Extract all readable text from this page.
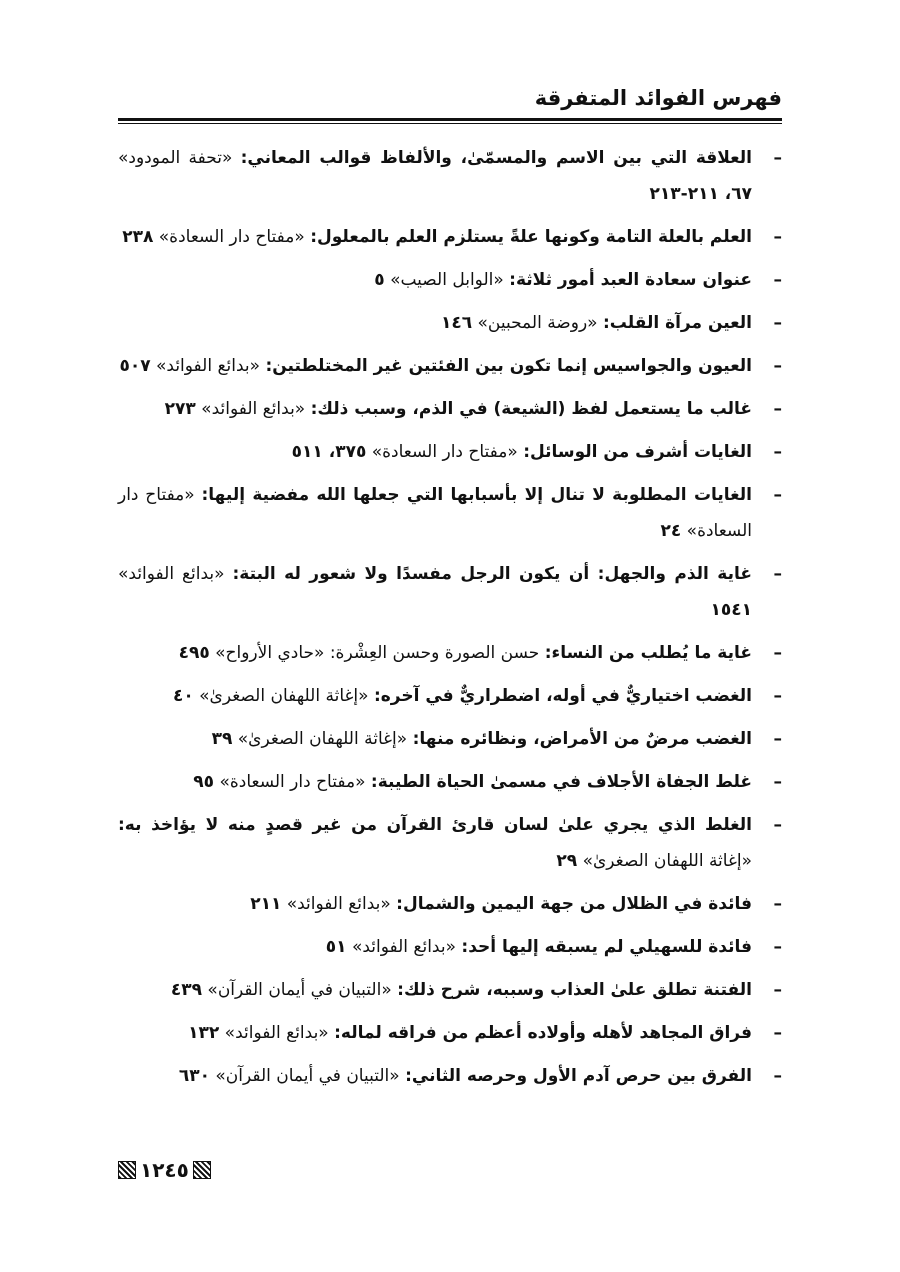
فهرس الفوائد المتفرقة
–
العلاقة التي بين الاسم والمسمّىٰ، والألفاظ قوالب المعاني: «تحفة المودود» ٦٧، ٢١١-٢١٣
–
العلم بالعلة التامة وكونها علةً يستلزم العلم بالمعلول: «مفتاح دار السعادة» ٢٣٨
–
عنوان سعادة العبد أمور ثلاثة: «الوابل الصيب» ٥
–
العين مرآة القلب: «روضة المحبين» ١٤٦
–
العيون والجواسيس إنما تكون بين الفئتين غير المختلطتين: «بدائع الفوائد» ٥٠٧
–
غالب ما يستعمل لفظ (الشيعة) في الذم، وسبب ذلك: «بدائع الفوائد» ٢٧٣
–
الغايات أشرف من الوسائل: «مفتاح دار السعادة» ٣٧٥، ٥١١
–
الغايات المطلوبة لا تنال إلا بأسبابها التي جعلها الله مفضية إليها: «مفتاح دار السعادة» ٢٤
–
غاية الذم والجهل: أن يكون الرجل مفسدًا ولا شعور له البتة: «بدائع الفوائد» ١٥٤١
–
غاية ما يُطلب من النساء: حسن الصورة وحسن العِشْرة: «حادي الأرواح» ٤٩٥
–
الغضب اختياريٌّ في أوله، اضطراريٌّ في آخره: «إغاثة اللهفان الصغرىٰ» ٤٠
–
الغضب مرضٌ من الأمراض، ونظائره منها: «إغاثة اللهفان الصغرىٰ» ٣٩
–
غلط الجفاة الأجلاف في مسمىٰ الحياة الطيبة: «مفتاح دار السعادة» ٩٥
–
الغلط الذي يجري علىٰ لسان قارئ القرآن من غير قصدٍ منه لا يؤاخذ به: «إغاثة اللهفان الصغرىٰ» ٢٩
–
فائدة في الظلال من جهة اليمين والشمال: «بدائع الفوائد» ٢١١
–
فائدة للسهيلي لم يسبقه إليها أحد: «بدائع الفوائد» ٥١
–
الفتنة تطلق علىٰ العذاب وسببه، شرح ذلك: «التبيان في أيمان القرآن» ٤٣٩
–
فراق المجاهد لأهله وأولاده أعظم من فراقه لماله: «بدائع الفوائد» ١٣٢
–
الفرق بين حرص آدم الأول وحرصه الثاني: «التبيان في أيمان القرآن» ٦٣٠
١٢٤٥
